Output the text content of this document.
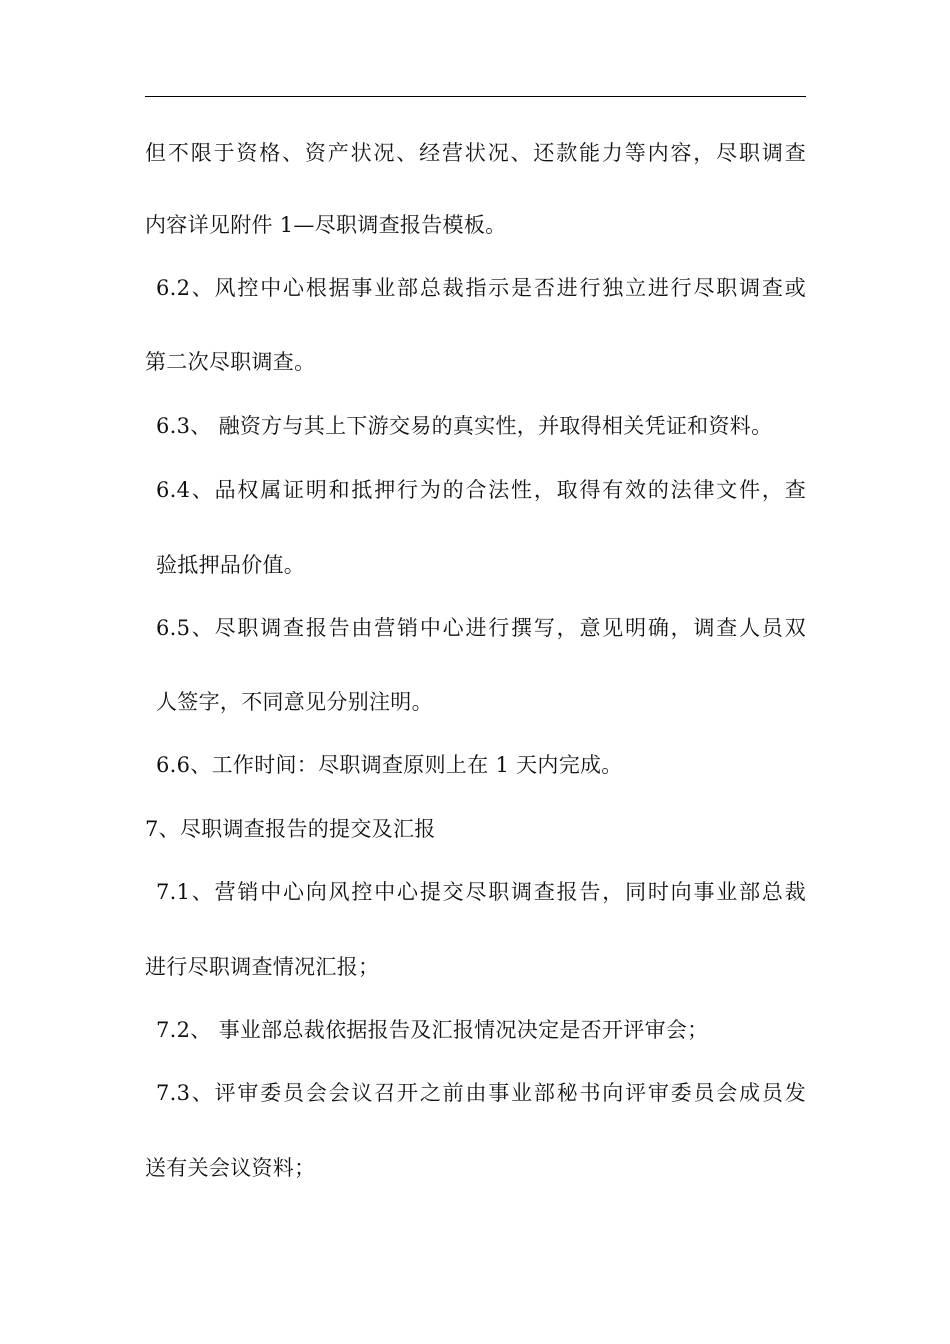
但不限于资格、资产状况、经营状况、还款能力等内容，尽职调查
内容详见附件 1—尽职调查报告模板。
6.2、风控中心根据事业部总裁指示是否进行独立进行尽职调查或
第二次尽职调查。
6.3、 融资方与其上下游交易的真实性，并取得相关凭证和资料。
6.4、品权属证明和抵押行为的合法性，取得有效的法律文件，查
验抵押品价值。
6.5、尽职调查报告由营销中心进行撰写，意见明确，调查人员双
人签字，不同意见分别注明。
6.6、工作时间：尽职调查原则上在 1 天内完成。
7、尽职调查报告的提交及汇报
7.1、营销中心向风控中心提交尽职调查报告，同时向事业部总裁
进行尽职调查情况汇报；
7.2、 事业部总裁依据报告及汇报情况决定是否开评审会；
7.3、评审委员会会议召开之前由事业部秘书向评审委员会成员发
送有关会议资料；
